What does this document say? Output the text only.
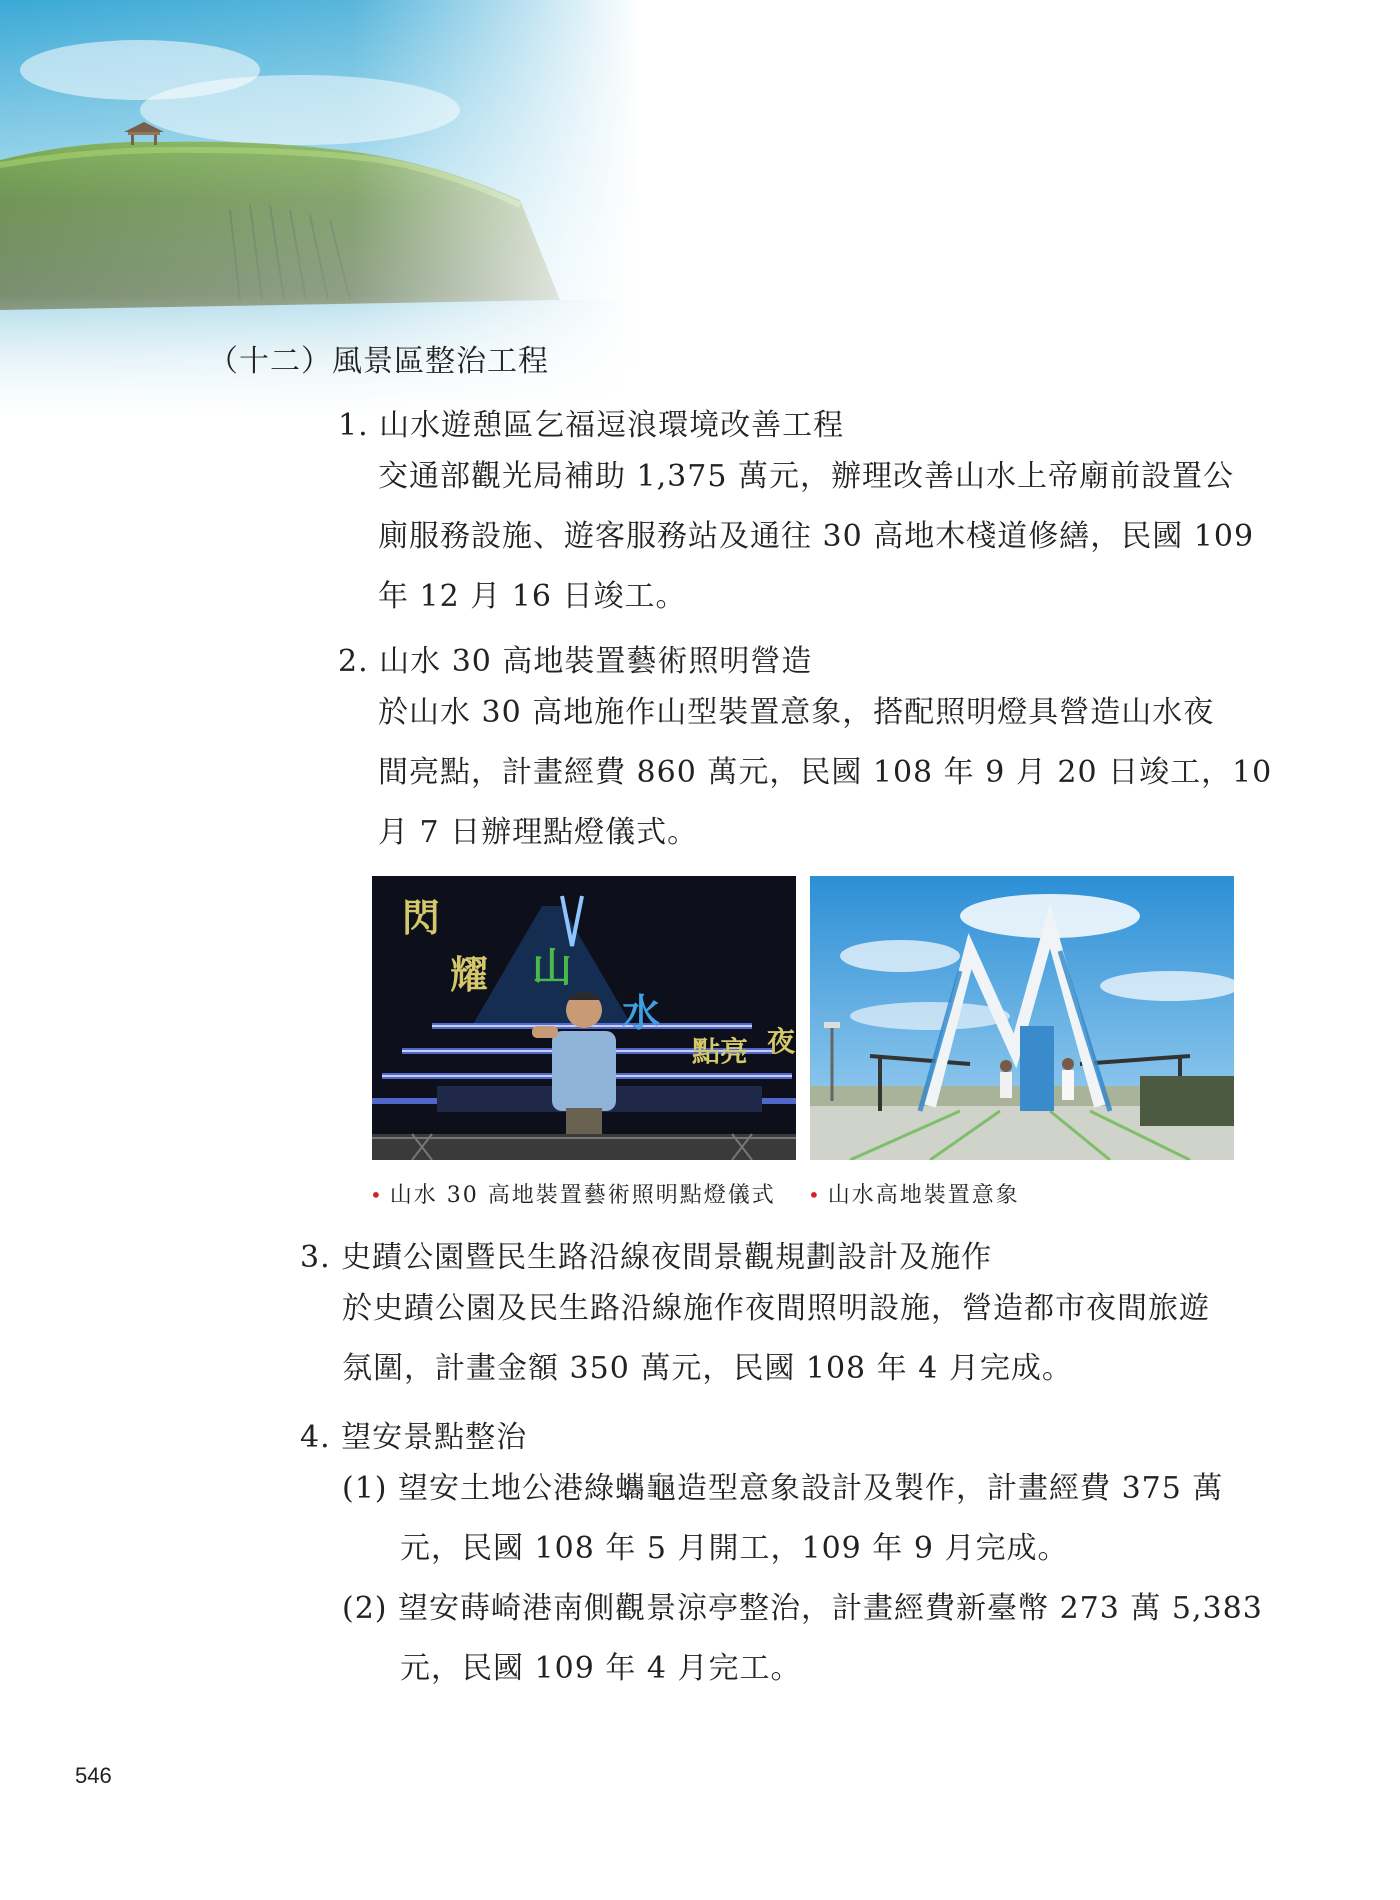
（十二）風景區整治工程
1. 山水遊憩區乞福逗浪環境改善工程
交通部觀光局補助 1,375 萬元，辦理改善山水上帝廟前設置公
廁服務設施、遊客服務站及通往 30 高地木棧道修繕，民國 109
年 12 月 16 日竣工。
2. 山水 30 高地裝置藝術照明營造
於山水 30 高地施作山型裝置意象，搭配照明燈具營造山水夜
間亮點，計畫經費 860 萬元，民國 108 年 9 月 20 日竣工，10
月 7 日辦理點燈儀式。
閃
耀 山
水
點亮 夜
• 山水 30 高地裝置藝術照明點燈儀式 • 山水高地裝置意象
3. 史蹟公園暨民生路沿線夜間景觀規劃設計及施作
於史蹟公園及民生路沿線施作夜間照明設施，營造都市夜間旅遊
氛圍，計畫金額 350 萬元，民國 108 年 4 月完成。
4. 望安景點整治
(1) 望安土地公港綠蠵龜造型意象設計及製作，計畫經費 375 萬
元，民國 108 年 5 月開工，109 年 9 月完成。
(2) 望安蒔崎港南側觀景涼亭整治，計畫經費新臺幣 273 萬 5,383
元，民國 109 年 4 月完工。
546
